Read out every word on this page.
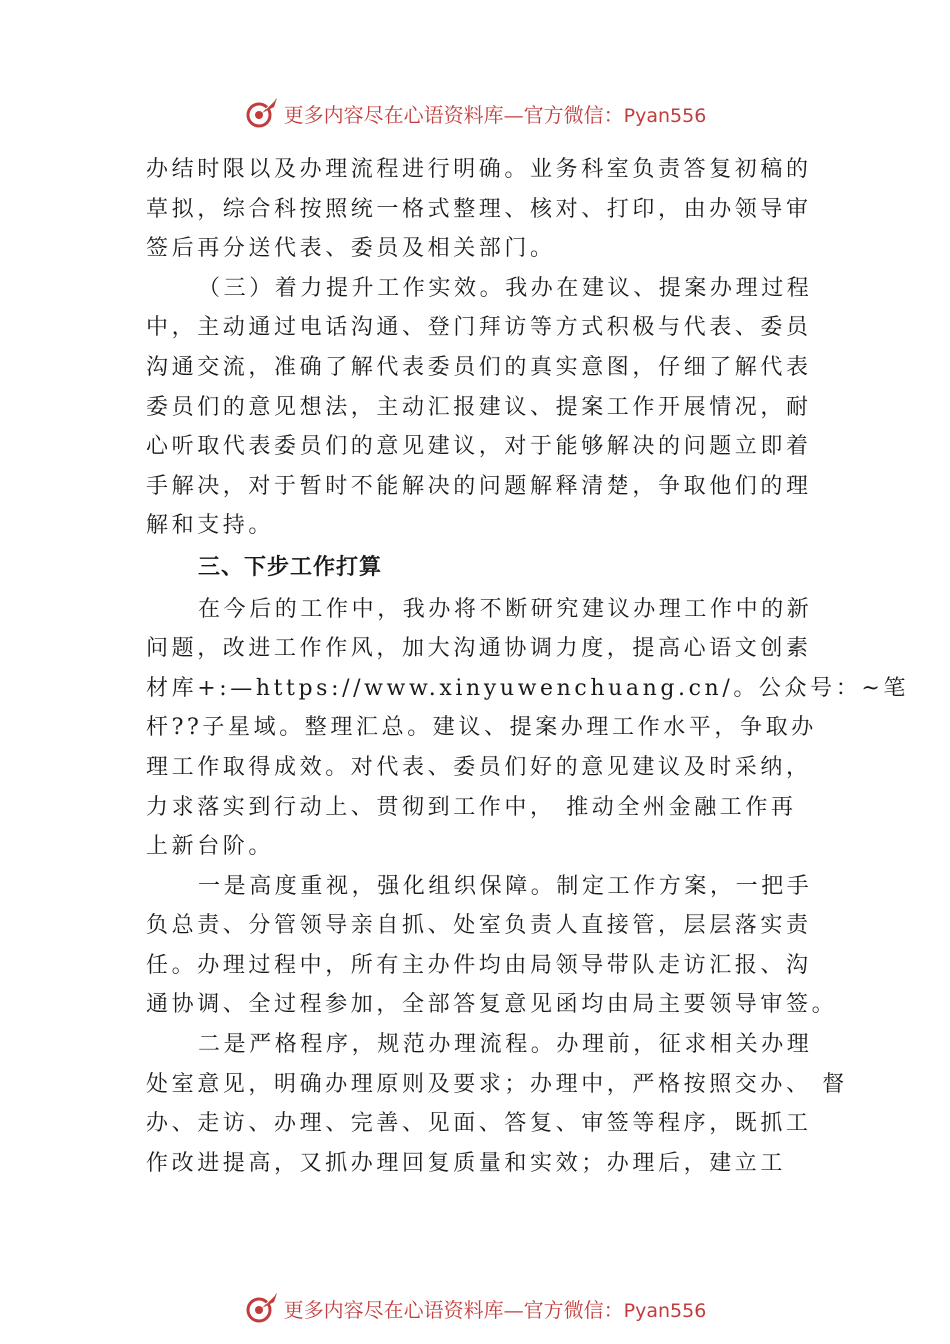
更多内容尽在心语资料库—官方微信：Pyan556
办结时限以及办理流程进行明确。业务科室负责答复初稿的
草拟，综合科按照统一格式整理、核对、打印，由办领导审
签后再分送代表、委员及相关部门。
（三）着力提升工作实效。我办在建议、提案办理过程
中，主动通过电话沟通、登门拜访等方式积极与代表、委员
沟通交流，准确了解代表委员们的真实意图，仔细了解代表
委员们的意见想法，主动汇报建议、提案工作开展情况，耐
心听取代表委员们的意见建议，对于能够解决的问题立即着
手解决，对于暂时不能解决的问题解释清楚，争取他们的理
解和支持。
三、下步工作打算
在今后的工作中，我办将不断研究建议办理工作中的新
问题，改进工作作风，加大沟通协调力度，提高心语文创素
材库+:—https://www.xinyuwenchuang.cn/。公众号：~笔
杆??子星域。整理汇总。建议、提案办理工作水平，争取办
理工作取得成效。对代表、委员们好的意见建议及时采纳，
力求落实到行动上、贯彻到工作中， 推动全州金融工作再
上新台阶。
一是高度重视，强化组织保障。制定工作方案，一把手
负总责、分管领导亲自抓、处室负责人直接管，层层落实责
任。办理过程中，所有主办件均由局领导带队走访汇报、沟
通协调、全过程参加，全部答复意见函均由局主要领导审签。
二是严格程序，规范办理流程。办理前，征求相关办理
处室意见，明确办理原则及要求；办理中，严格按照交办、 督
办、走访、办理、完善、见面、答复、审签等程序，既抓工
作改进提高，又抓办理回复质量和实效；办理后，建立工
更多内容尽在心语资料库—官方微信：Pyan556
